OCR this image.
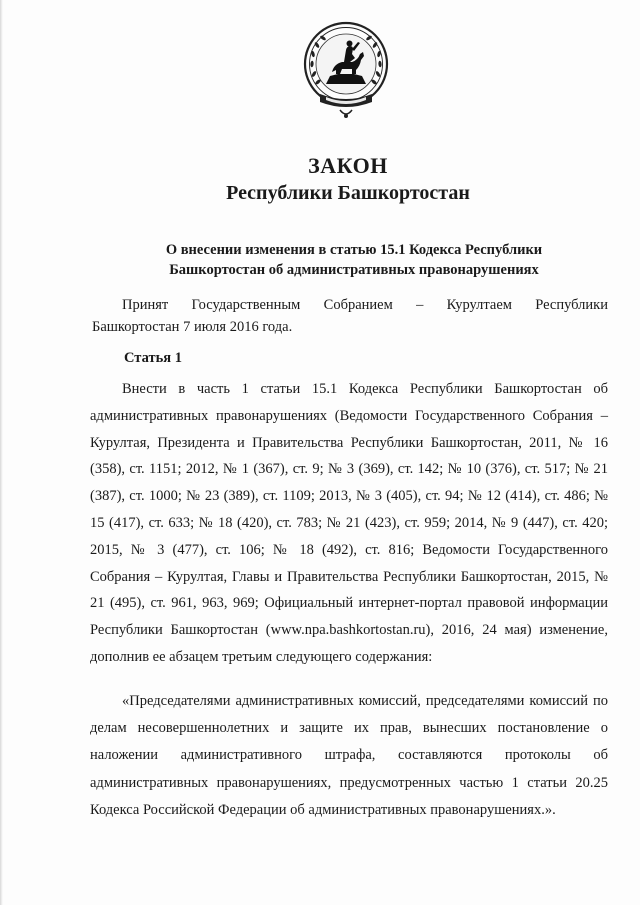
ЗАКОН
Республики Башкортостан
О внесении изменения в статью 15.1 Кодекса Республики
Башкортостан об административных правонарушениях
Принят Государственным Собранием – Курултаем Республики
Башкортостан 7 июля 2016 года.
Статья 1

Внести в часть 1 статьи 15.1 Кодекса Республики Башкортостан об административных правонарушениях (Ведомости Государственного Собрания – Курултая, Президента и Правительства Республики Башкортостан, 2011, № 16 (358), ст. 1151; 2012, № 1 (367), ст. 9; № 3 (369), ст. 142; № 10 (376), ст. 517; № 21 (387), ст. 1000; № 23 (389), ст. 1109; 2013, № 3 (405), ст. 94; № 12 (414), ст. 486; № 15 (417), ст. 633; № 18 (420), ст. 783; № 21 (423), ст. 959; 2014, № 9 (447), ст. 420; 2015, № 3 (477), ст. 106; № 18 (492), ст. 816; Ведомости Государственного Собрания – Курултая, Главы и Правительства Республики Башкортостан, 2015, № 21 (495), ст. 961, 963, 969; Официальный интернет-портал правовой информации Республики Башкортостан (www.npa.bashkortostan.ru), 2016, 24 мая) изменение, дополнив ее абзацем третьим следующего содержания:

«Председателями административных комиссий, председателями комиссий по делам несовершеннолетних и защите их прав, вынесших постановление о наложении административного штрафа, составляются протоколы об административных правонарушениях, предусмотренных частью 1 статьи 20.25 Кодекса Российской Федерации об административных правонарушениях.».
